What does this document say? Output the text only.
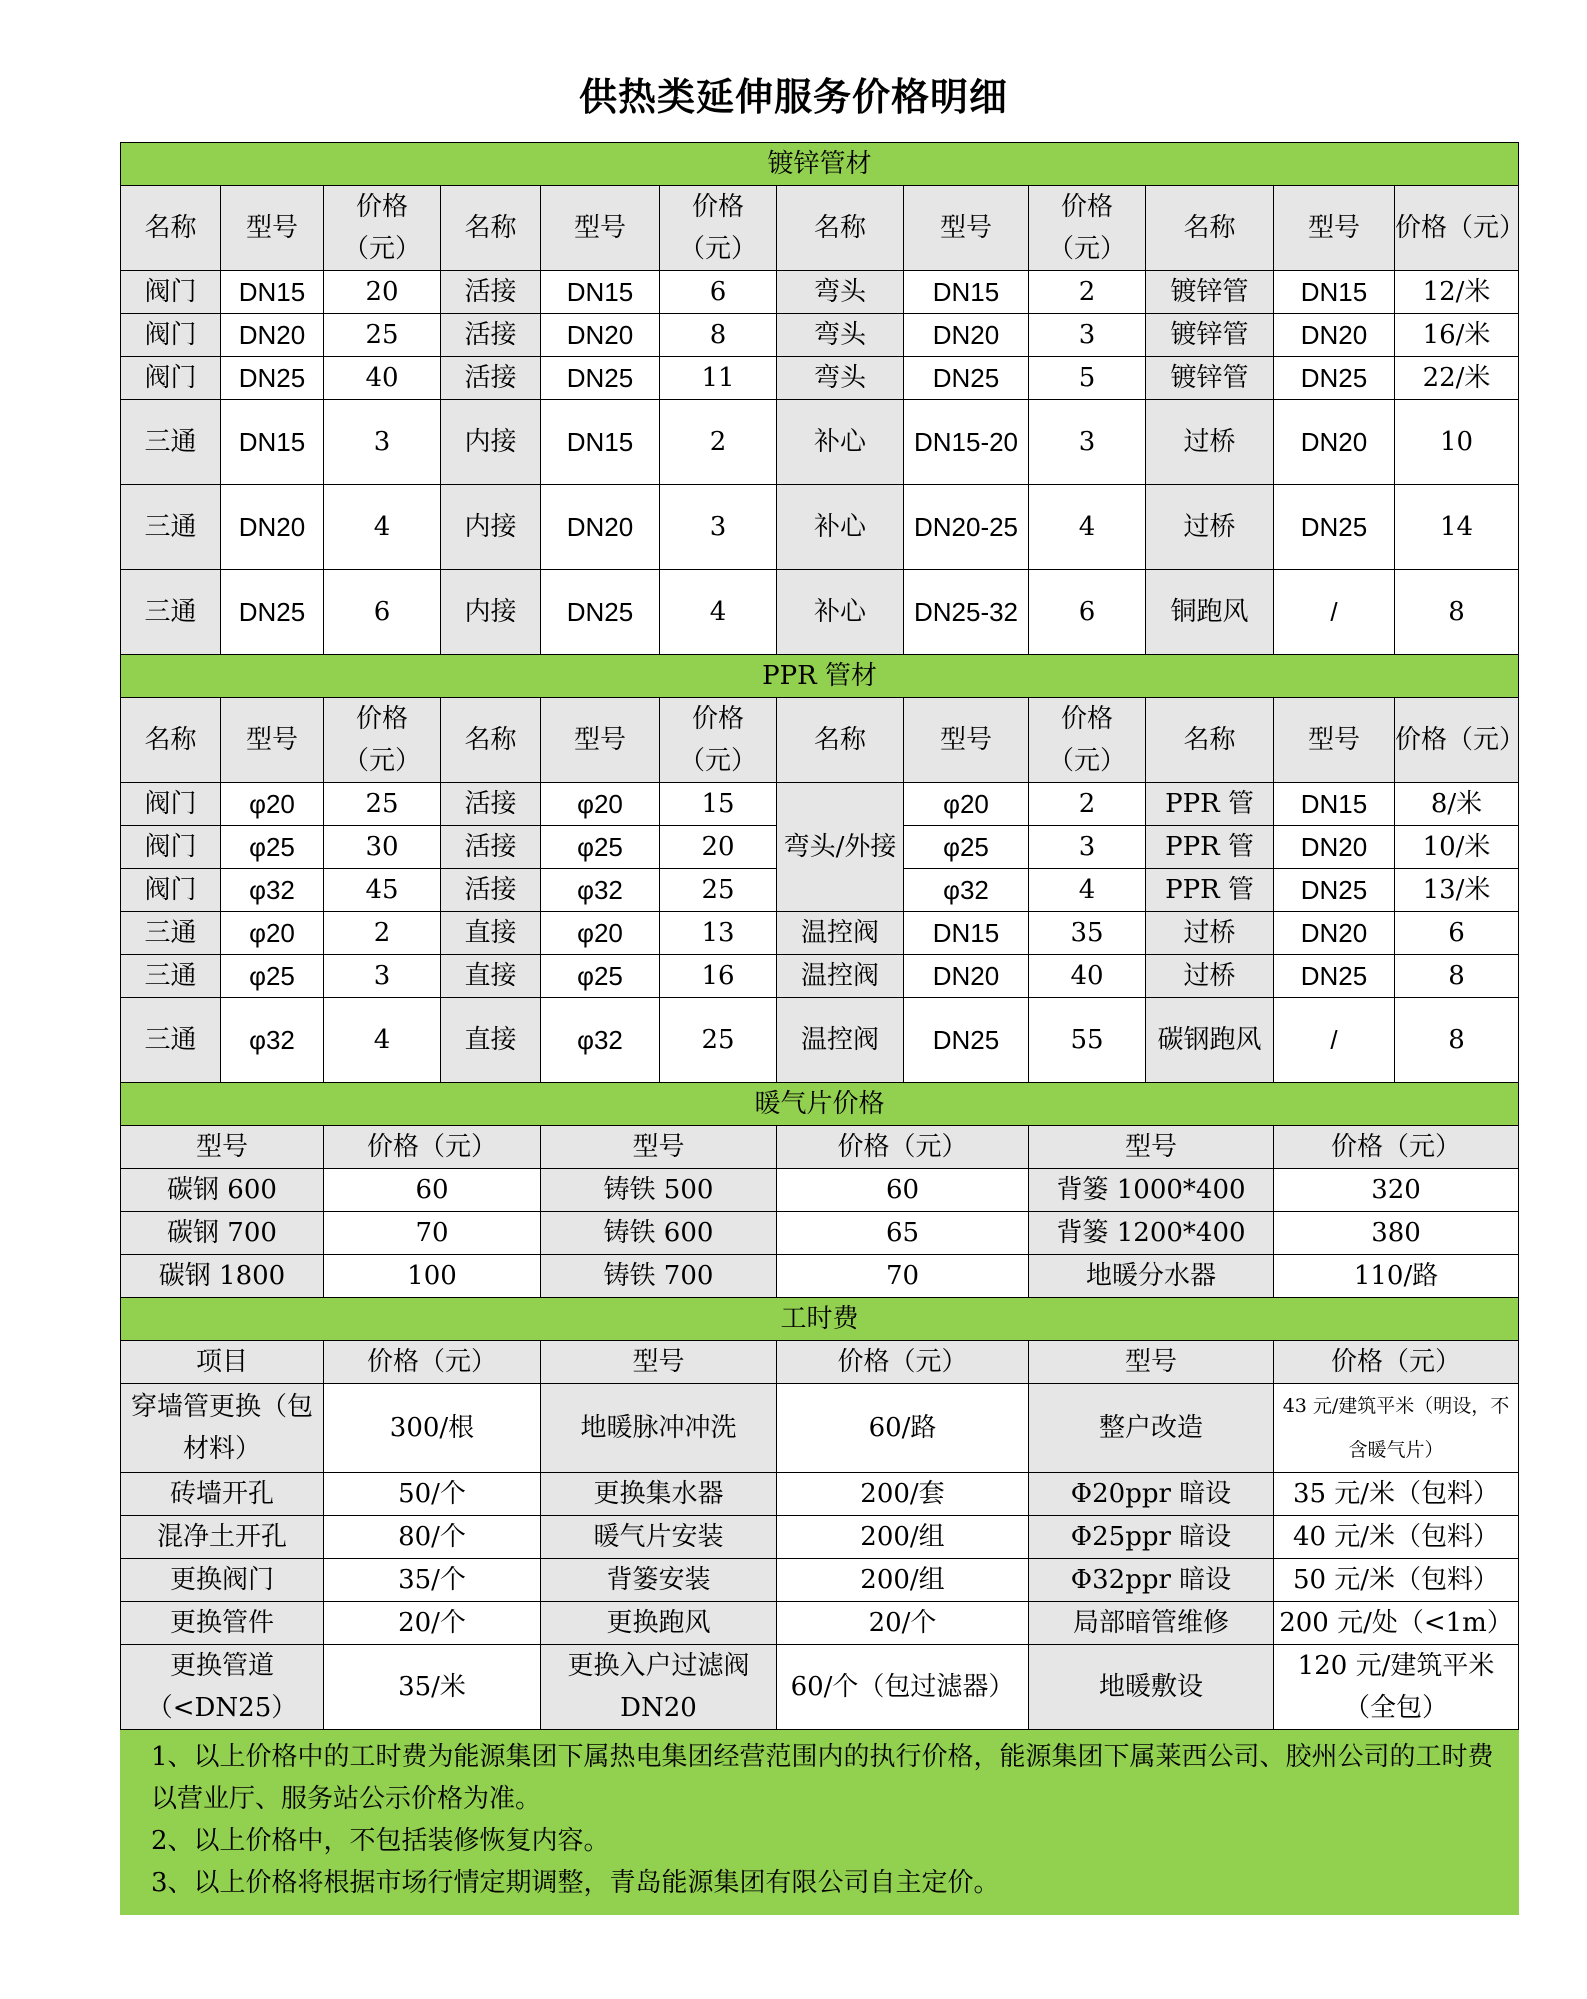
供热类延伸服务价格明细
镀锌管材											
名称	型号	价格（元）	名称	型号	价格（元）	名称	型号	价格（元）	名称	型号	价格（元）
阀门	DN15	20	活接	DN15	6	弯头	DN15	2	镀锌管	DN15	12/米
阀门	DN20	25	活接	DN20	8	弯头	DN20	3	镀锌管	DN20	16/米
阀门	DN25	40	活接	DN25	11	弯头	DN25	5	镀锌管	DN25	22/米
三通	DN15	3	内接	DN15	2	补心	DN15-20	3	过桥	DN20	10
三通	DN20	4	内接	DN20	3	补心	DN20-25	4	过桥	DN25	14
三通	DN25	6	内接	DN25	4	补心	DN25-32	6	铜跑风	/	8
PPR 管材											
名称	型号	价格（元）	名称	型号	价格（元）	名称	型号	价格（元）	名称	型号	价格（元）
阀门	φ20	25	活接	φ20	15	弯头/外接	φ20	2	PPR 管	DN15	8/米
阀门	φ25	30	活接	φ25	20		φ25	3	PPR 管	DN20	10/米
阀门	φ32	45	活接	φ32	25		φ32	4	PPR 管	DN25	13/米
三通	φ20	2	直接	φ20	13	温控阀	DN15	35	过桥	DN20	6
三通	φ25	3	直接	φ25	16	温控阀	DN20	40	过桥	DN25	8
三通	φ32	4	直接	φ32	25	温控阀	DN25	55	碳钢跑风	/	8
暖气片价格											
型号		价格（元）		型号		价格（元）		型号		价格（元）	
碳钢 600		60		铸铁 500		60		背篓 1000*400		320	
碳钢 700		70		铸铁 600		65		背篓 1200*400		380	
碳钢 1800		100		铸铁 700		70		地暖分水器		110/路	
工时费											
项目		价格（元）		型号		价格（元）		型号		价格（元）	
穿墙管更换（包材料）		300/根		地暖脉冲冲洗		60/路		整户改造		43 元/建筑平米（明设，不含暖气片）	
砖墙开孔		50/个		更换集水器		200/套		Φ20ppr 暗设		35 元/米（包料）	
混净土开孔		80/个		暖气片安装		200/组		Φ25ppr 暗设		40 元/米（包料）	
更换阀门		35/个		背篓安装		200/组		Φ32ppr 暗设		50 元/米（包料）	
更换管件		20/个		更换跑风		20/个		局部暗管维修		200 元/处（<1m）	
更换管道（<DN25）		35/米		更换入户过滤阀 DN20		60/个（包过滤器）		地暖敷设		120 元/建筑平米（全包）	

1、以上价格中的工时费为能源集团下属热电集团经营范围内的执行价格，能源集团下属莱西公司、胶州公司的工时费以营业厅、服务站公示价格为准。
2、以上价格中，不包括装修恢复内容。
3、以上价格将根据市场行情定期调整，青岛能源集团有限公司自主定价。											
